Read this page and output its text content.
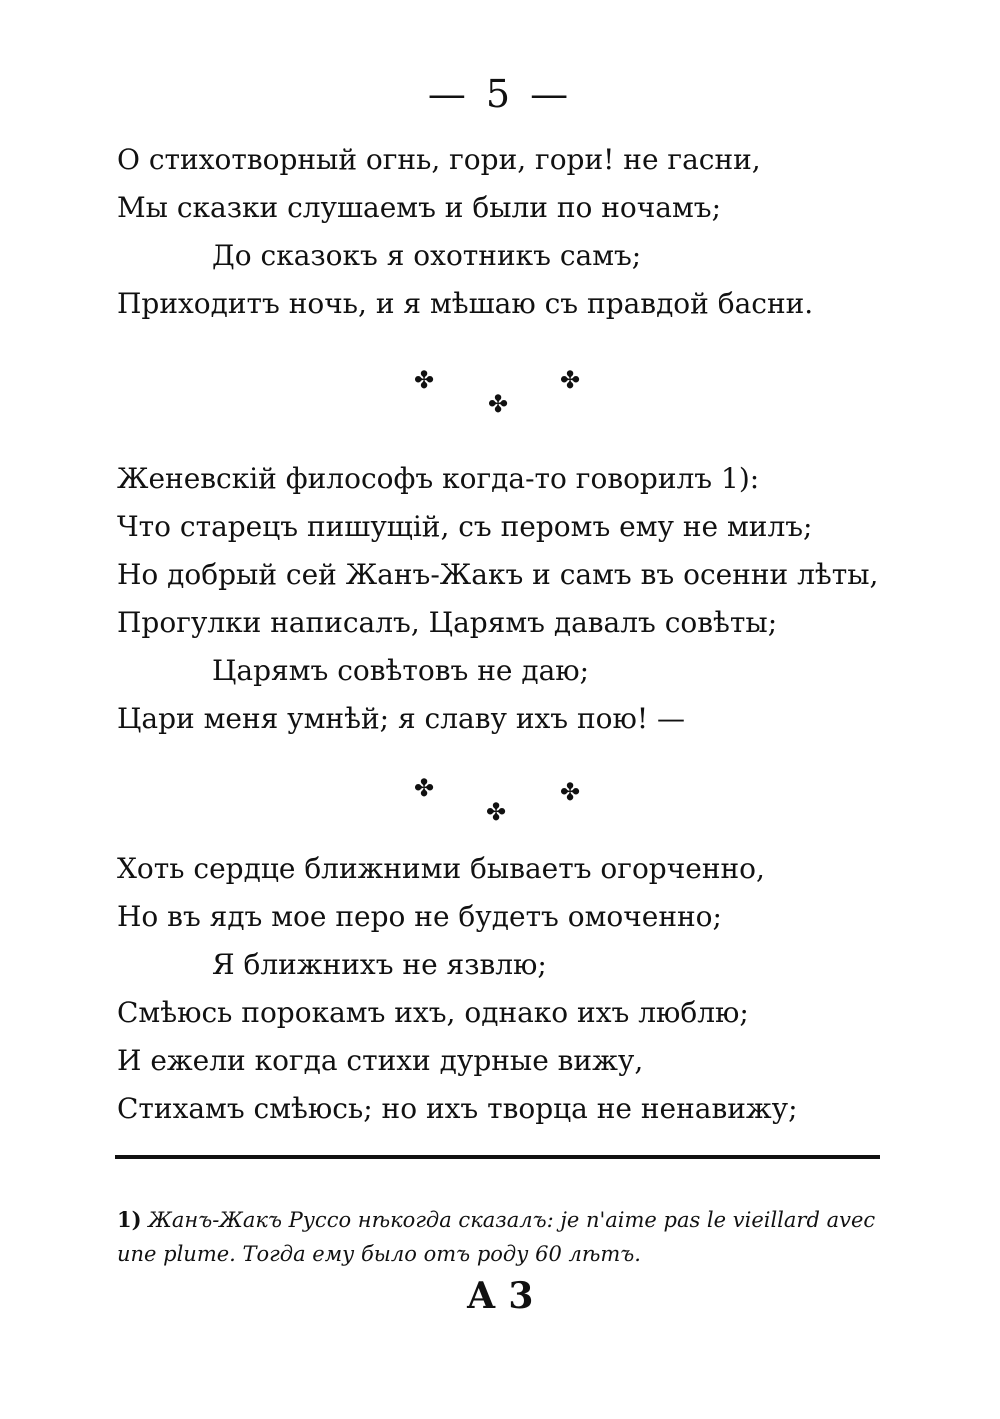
— 5 —
О стихотворный огнь, гори, гори! не гасни,
Мы сказки слушаемъ и были по ночамъ;
До сказокъ я охотникъ самъ;
Приходитъ ночь, и я мѣшаю съ правдой басни.
✤	✤
✤
Женевскiй философъ когда-то говорилъ 1):
Что старецъ пишущiй, съ перомъ ему не милъ;
Но добрый сей Жанъ-Жакъ и самъ въ осенни лѣты,
Прогулки написалъ, Царямъ давалъ совѣты;
Царямъ совѣтовъ не даю;
Цари меня умнѣй; я славу ихъ пою! —
✤	✤
✤
Хоть сердце ближними бываетъ огорченно,
Но въ ядъ мое перо не будетъ омоченно;
Я ближнихъ не язвлю;
Смѣюсь порокамъ ихъ, однако ихъ люблю;
И ежели когда стихи дурные вижу,
Стихамъ смѣюсь; но ихъ творца не ненавижу;
1) Жанъ-Жакъ Руссо нѣкогда сказалъ: je n'aime pas le vieillard avec une plume. Тогда ему было отъ роду 60 лѣтъ.
А 3
